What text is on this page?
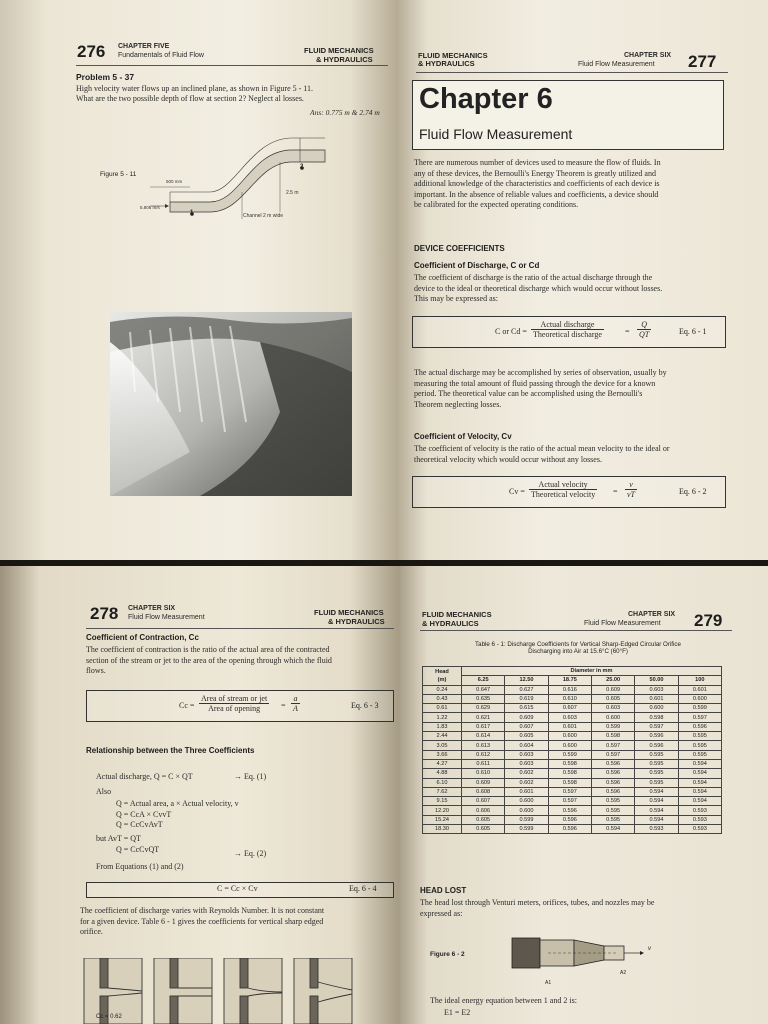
276 CHAPTER FIVE
Fundamentals of Fluid Flow
FLUID MECHANICS
& HYDRAULICS
Problem 5 - 37
High velocity water flows up an inclined plane, as shown in Figure 5 - 11.
What are the two possible depth of flow at section 2? Neglect al losses.
Ans: 0.775 m & 2.74 m
Figure 5 - 11
500 mm
2.5 m
5.806 m/s
Channel 2 m wide
1
2
FLUID MECHANICS
& HYDRAULICS
CHAPTER SIX
Fluid Flow Measurement 277
Chapter 6
Fluid Flow Measurement
There are numerous number of devices used to measure the flow of fluids. In
any of these devices, the Bernoulli's Energy Theorem is greatly utilized and
additional knowledge of the characteristics and coefficients of each device is
important. In the absence of reliable values and coefficients, a device should
be calibrated for the expected operating conditions.
DEVICE COEFFICIENTS
Coefficient of Discharge, C or Cd
The coefficient of discharge is the ratio of the actual discharge through the
device to the ideal or theoretical discharge which would occur without losses.
This may be expressed as:
C or Cd =
Actual discharge
Theoretical discharge	= $\frac{Q}{QT}$	Eq. 6 - 1
The actual discharge may be accomplished by series of observation, usually by
measuring the total amount of fluid passing through the device for a known
period. The theoretical value can be accomplished using the Bernoulli's
Theorem neglecting losses.
Coefficient of Velocity, Cv
The coefficient of velocity is the ratio of the actual mean velocity to the ideal or
theoretical velocity which would occur without any losses.
Cv =
Actual velocity
Theoretical velocity = $\frac{v}{vT}$	Eq. 6 - 2
278 CHAPTER SIX
Fluid Flow Measurement
FLUID MECHANICS
& HYDRAULICS
Coefficient of Contraction, Cc
The coefficient of contraction is the ratio of the actual area of the contracted
section of the stream or jet to the area of the opening through which the fluid
flows.
Cc =
Area of stream or jet
Area of opening	= $\frac{a}{A}$	Eq. 6 - 3
Relationship between the Three Coefficients
Actual discharge, Q = C × QT	→ Eq. (1)
Also
Q = Actual area, a × Actual velocity, v
Q = CcA × CvvT
Q = CcCvAvT
but AvT = QT
Q = CcCvQT	→ Eq. (2)
From Equations (1) and (2)
C = Cc × Cv	Eq. 6 - 4
The coefficient of discharge varies with Reynolds Number. It is not constant
for a given device. Table 6 - 1 gives the coefficients for vertical sharp edged
orifice.
Cc = 0.62
FLUID MECHANICS
& HYDRAULICS
CHAPTER SIX
Fluid Flow Measurement 279
Table 6 - 1: Discharge Coefficients for Vertical Sharp-Edged Circular Orifice
Discharging into Air at 15.6°C (60°F)
Head
(m)	Diameter in mm					
	6.25	12.50	18.75	25.00	50.00	100
0.24	0.647	0.627	0.616	0.609	0.603	0.601
0.43	0.635	0.619	0.610	0.605	0.601	0.600
0.61	0.629	0.615	0.607	0.603	0.600	0.599
1.22	0.621	0.609	0.603	0.600	0.598	0.597
1.83	0.617	0.607	0.601	0.599	0.597	0.596
2.44	0.614	0.605	0.600	0.598	0.596	0.595
3.05	0.613	0.604	0.600	0.597	0.596	0.595
3.66	0.612	0.603	0.599	0.597	0.595	0.595
4.27	0.611	0.603	0.598	0.596	0.595	0.594
4.88	0.610	0.602	0.598	0.596	0.595	0.594
6.10	0.609	0.602	0.598	0.596	0.595	0.594
7.62	0.608	0.601	0.597	0.596	0.594	0.594
9.15	0.607	0.600	0.597	0.595	0.594	0.594
12.20	0.606	0.600	0.596	0.595	0.594	0.593
15.24	0.605	0.599	0.596	0.595	0.594	0.593
18.30	0.605	0.599	0.596	0.594	0.593	0.593
HEAD LOST
The head lost through Venturi meters, orifices, tubes, and nozzles may be
expressed as:
Figure 6 - 2
A1
A2
v
The ideal energy equation between 1 and 2 is:
E1 = E2
